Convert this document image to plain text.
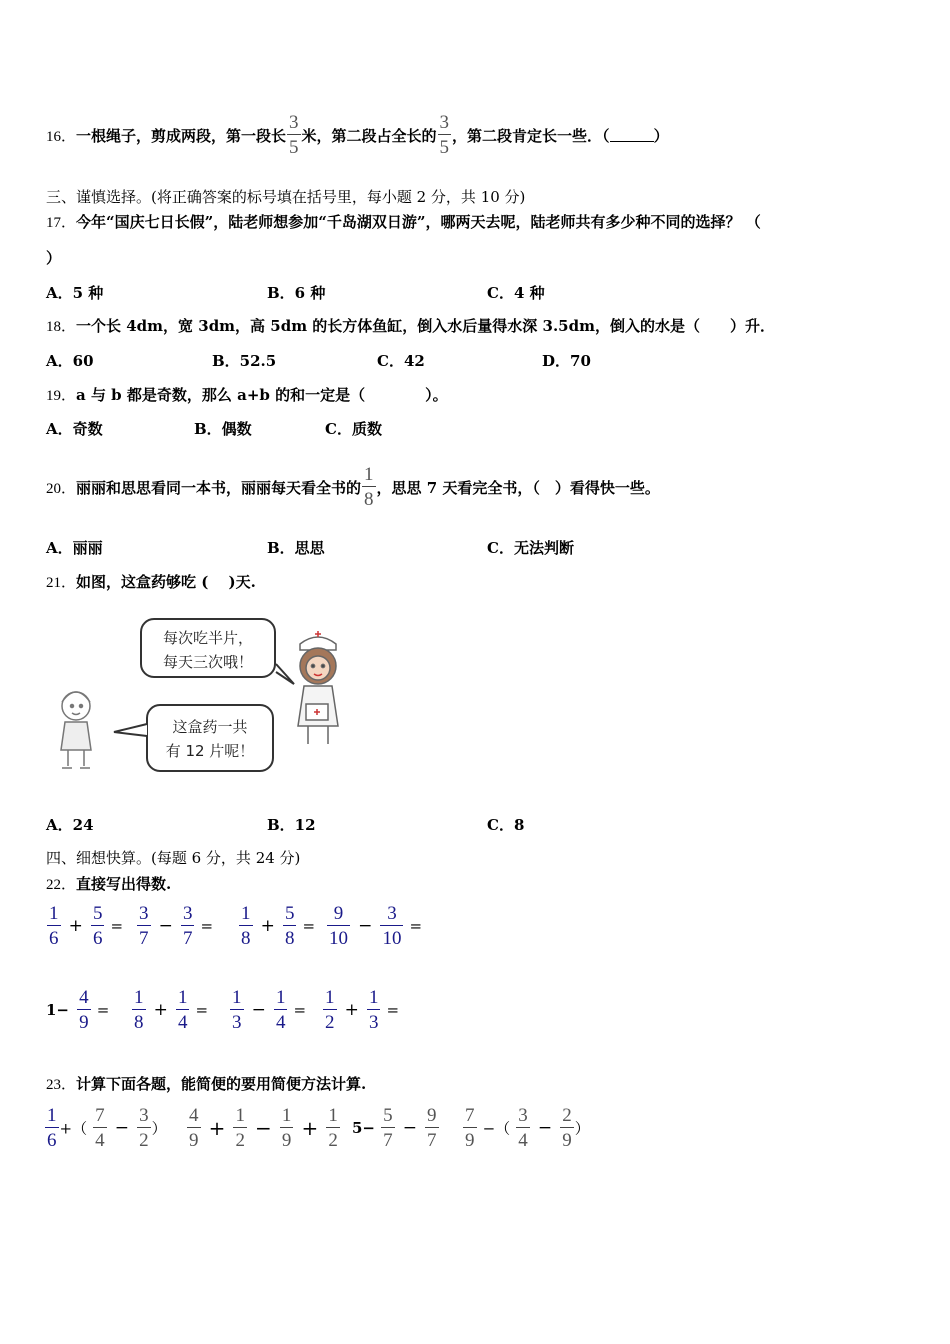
16． 一根绳子，剪成两段，第一段长 $\frac{3}{5}$ 米，第二段占全长的 $\frac{3}{5}$ ，第二段肯定长一些．（	）
三、谨慎选择。(将正确答案的标号填在括号里，每小题 2 分，共 10 分)
17．今年“国庆七日长假”，陆老师想参加“千岛湖双日游”，哪两天去呢，陆老师共有多少种不同的选择？ （
）
A．5 种	B．6 种	C．4 种
18．一个长 4dm，宽 3dm，高 5dm 的长方体鱼缸，倒入水后量得水深 3.5dm，倒入的水是（　　）升．
A．60	B．52.5	C．42	D．70
19．a 与 b 都是奇数，那么 a+b 的和一定是（　　　　）。
A．奇数	B．偶数	C．质数
20． 丽丽和思思看同一本书，丽丽每天看全书的 $\frac{1}{8}$ ，思思 7 天看完全书，（　）看得快一些。
A．丽丽	B．思思	C．无法判断
21．如图，这盒药够吃 (　 )天.
每次吃半片，
每天三次哦！
这盒药一共
有 12 片呢！
A．24	B．12	C．8
四、细想快算。(每题 6 分，共 24 分)
22．直接写出得数.
$\frac{1}{6} + \frac{5}{6} = \frac{3}{7} - \frac{3}{7} = \frac{1}{8} + \frac{5}{8} = \frac{9}{10} - \frac{3}{10}$ =
$1- \frac{4}{9} = \frac{1}{8} + \frac{1}{4} = \frac{1}{3} - \frac{1}{4} = \frac{1}{2} + \frac{1}{3}$ =
23．计算下面各题，能简便的要用简便方法计算.
$\frac{1}{6}$ +（ $\frac{7}{4} - \frac{3}{2}$ ） $\frac{4}{9} + \frac{1}{2} - \frac{1}{9} + \frac{1}{2} 5- \frac{5}{7} - \frac{9}{7} \frac{7}{9}$ −（ $\frac{3}{4} - \frac{2}{9}$ ）
